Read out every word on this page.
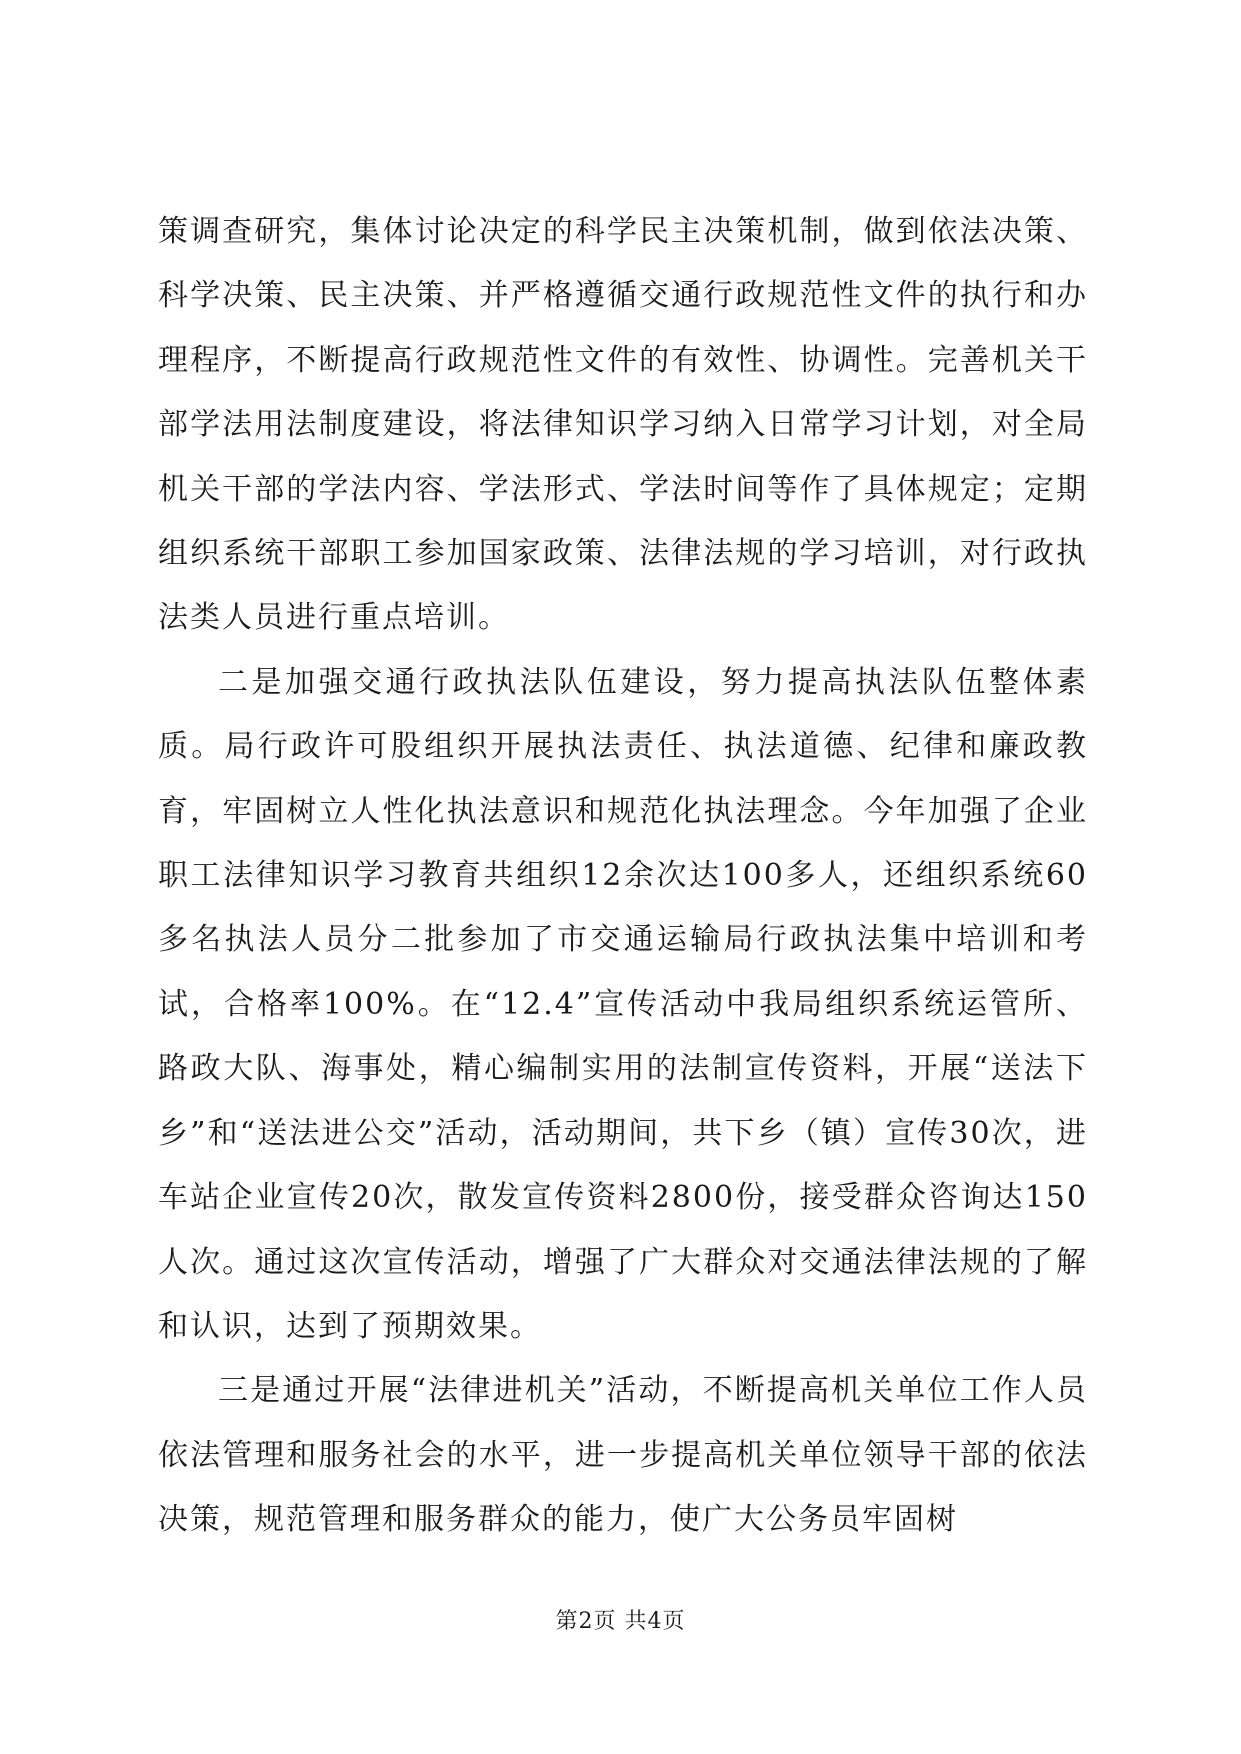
策调查研究，集体讨论决定的科学民主决策机制，做到依法决策、科学决策、民主决策、并严格遵循交通行政规范性文件的执行和办理程序，不断提高行政规范性文件的有效性、协调性。完善机关干部学法用法制度建设，将法律知识学习纳入日常学习计划，对全局机关干部的学法内容、学法形式、学法时间等作了具体规定；定期组织系统干部职工参加国家政策、法律法规的学习培训，对行政执法类人员进行重点培训。

二是加强交通行政执法队伍建设，努力提高执法队伍整体素质。局行政许可股组织开展执法责任、执法道德、纪律和廉政教育，牢固树立人性化执法意识和规范化执法理念。今年加强了企业职工法律知识学习教育共组织12余次达100多人，还组织系统60多名执法人员分二批参加了市交通运输局行政执法集中培训和考试，合格率100%。在“12.4”宣传活动中我局组织系统运管所、路政大队、海事处，精心编制实用的法制宣传资料，开展“送法下乡”和“送法进公交”活动，活动期间，共下乡（镇）宣传30次，进车站企业宣传20次，散发宣传资料2800份，接受群众咨询达150人次。通过这次宣传活动，增强了广大群众对交通法律法规的了解和认识，达到了预期效果。

三是通过开展“法律进机关”活动，不断提高机关单位工作人员依法管理和服务社会的水平，进一步提高机关单位领导干部的依法决策，规范管理和服务群众的能力，使广大公务员牢固树

第2页 共4页
